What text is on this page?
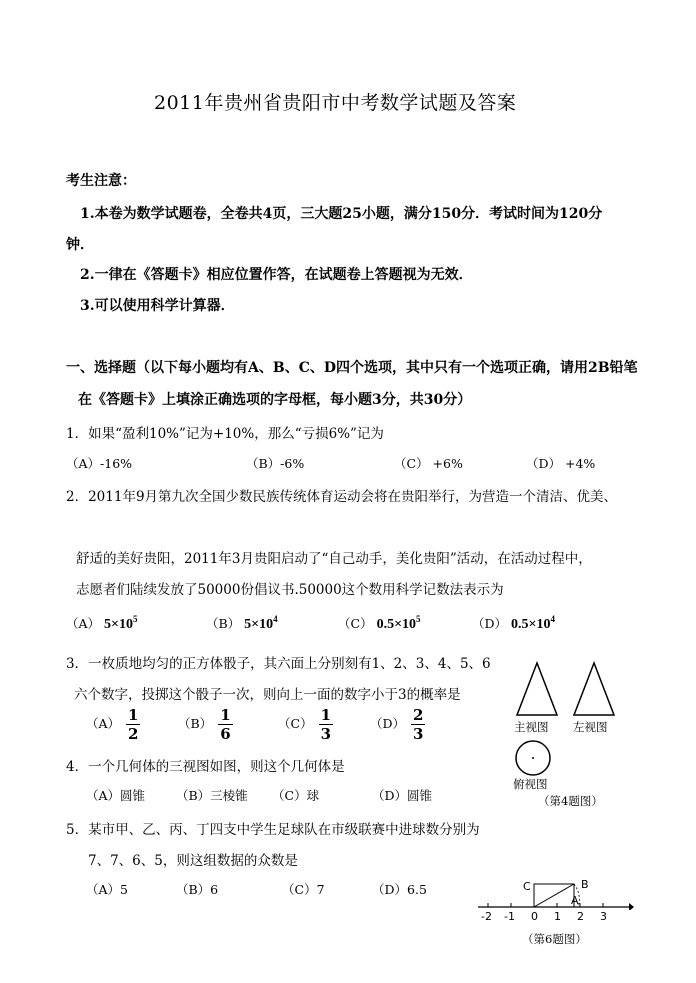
2011年贵州省贵阳市中考数学试题及答案
考生注意：
1.本卷为数学试题卷，全卷共4页，三大题25小题，满分150分．考试时间为120分
钟．
2.一律在《答题卡》相应位置作答，在试题卷上答题视为无效．
3.可以使用科学计算器．
一、选择题（以下每小题均有A、B、C、D四个选项，其中只有一个选项正确，请用2B铅笔
在《答题卡》上填涂正确选项的字母框，每小题3分，共30分）
1．如果“盈利10%”记为+10%，那么“亏损6%”记为
（A）-16%	（B）-6%	（C） +6%	（D） +4%
2．2011年9月第九次全国少数民族传统体育运动会将在贵阳举行，为营造一个清洁、优美、
舒适的美好贵阳，2011年3月贵阳启动了“自己动手，美化贵阳”活动，在活动过程中，
志愿者们陆续发放了50000份倡议书.50000这个数用科学记数法表示为
（A） $5\times 10^5$	（B） $5\times 10^4$	（C） $0.5\times 10^5$	（D） $0.5\times 10^4$
3．一枚质地均匀的正方体骰子，其六面上分别刻有1、2、3、4、5、6
六个数字，投掷这个骰子一次，则向上一面的数字小于3的概率是
$(A) \frac{1}{2}$	$(B) \frac{1}{6}$	$(C) \frac{1}{3}$	$(D) \frac{2}{3}$
4．一个几何体的三视图如图，则这个几何体是
（A）圆锥 （B）三棱锥 （C）球	（D）圆锥
5．某市甲、乙、丙、丁四支中学生足球队在市级联赛中进球数分别为
7、7、6、5，则这组数据的众数是
（A）5	（B）6	（C）7	（D）6.5
主视图 左视图
俯视图
（第4题图）
C	B
A
-2 -1 0 1 2 3
（第6题图）
